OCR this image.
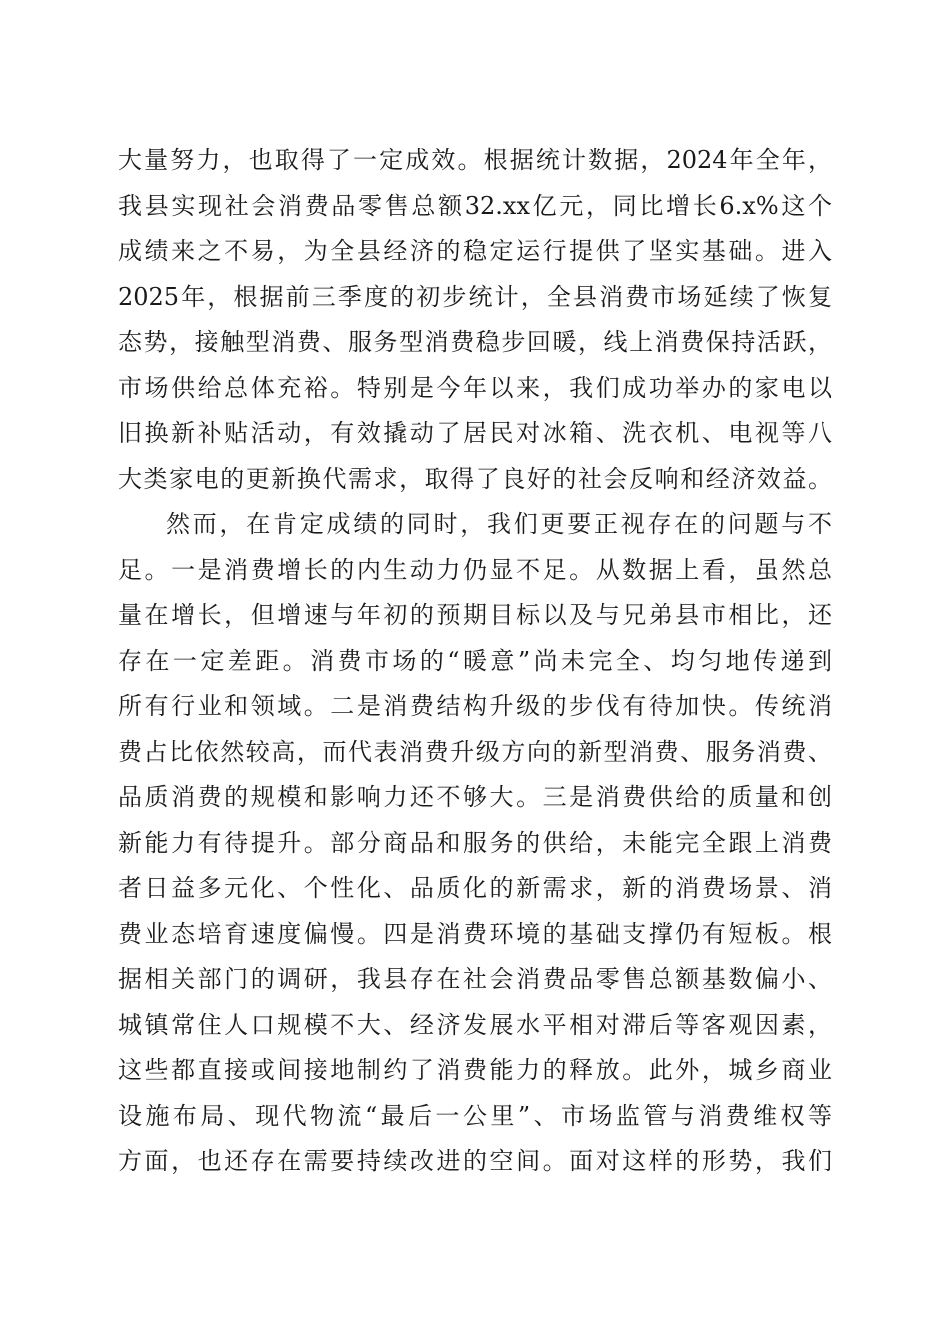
大量努力，也取得了一定成效。根据统计数据，2024年全年，
我县实现社会消费品零售总额32.xx亿元，同比增长6.x%这个
成绩来之不易，为全县经济的稳定运行提供了坚实基础。进入
2025年，根据前三季度的初步统计，全县消费市场延续了恢复
态势，接触型消费、服务型消费稳步回暖，线上消费保持活跃，
市场供给总体充裕。特别是今年以来，我们成功举办的家电以
旧换新补贴活动，有效撬动了居民对冰箱、洗衣机、电视等八
大类家电的更新换代需求，取得了良好的社会反响和经济效益。
然而，在肯定成绩的同时，我们更要正视存在的问题与不
足。一是消费增长的内生动力仍显不足。从数据上看，虽然总
量在增长，但增速与年初的预期目标以及与兄弟县市相比，还
存在一定差距。消费市场的“暖意”尚未完全、均匀地传递到
所有行业和领域。二是消费结构升级的步伐有待加快。传统消
费占比依然较高，而代表消费升级方向的新型消费、服务消费、
品质消费的规模和影响力还不够大。三是消费供给的质量和创
新能力有待提升。部分商品和服务的供给，未能完全跟上消费
者日益多元化、个性化、品质化的新需求，新的消费场景、消
费业态培育速度偏慢。四是消费环境的基础支撑仍有短板。根
据相关部门的调研，我县存在社会消费品零售总额基数偏小、
城镇常住人口规模不大、经济发展水平相对滞后等客观因素，
这些都直接或间接地制约了消费能力的释放。此外，城乡商业
设施布局、现代物流“最后一公里”、市场监管与消费维权等
方面，也还存在需要持续改进的空间。面对这样的形势，我们
